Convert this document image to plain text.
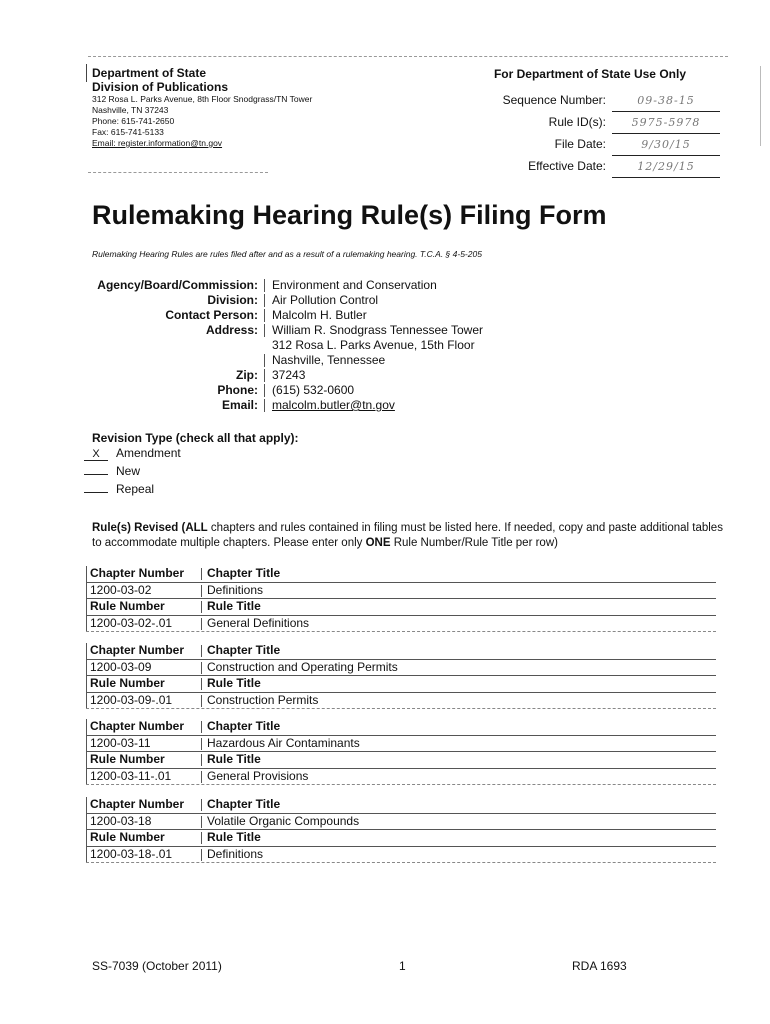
Department of State
Division of Publications
312 Rosa L. Parks Avenue, 8th Floor Snodgrass/TN Tower
Nashville, TN 37243
Phone: 615-741-2650
Fax: 615-741-5133
Email: register.information@tn.gov
For Department of State Use Only
Sequence Number:	09-38-15
Rule ID(s):	5975-5978
File Date:	9/30/15
Effective Date:	12/29/15
Rulemaking Hearing Rule(s) Filing Form
Rulemaking Hearing Rules are rules filed after and as a result of a rulemaking hearing. T.C.A. § 4-5-205
Agency/Board/Commission: Environment and Conservation
Division: Air Pollution Control
Contact Person: Malcolm H. Butler
Address: William R. Snodgrass Tennessee Tower
312 Rosa L. Parks Avenue, 15th Floor
Nashville, Tennessee
Zip: 37243
Phone: (615) 532-0600
Email: malcolm.butler@tn.gov
Revision Type (check all that apply):
X	Amendment
New
Repeal
Rule(s) Revised (ALL chapters and rules contained in filing must be listed here. If needed, copy and paste additional tables to accommodate multiple chapters. Please enter only ONE Rule Number/Rule Title per row)
Chapter Number	Chapter Title
1200-03-02	Definitions
Rule Number	Rule Title
1200-03-02-.01	General Definitions
Chapter Number	Chapter Title
1200-03-09	Construction and Operating Permits
Rule Number	Rule Title
1200-03-09-.01	Construction Permits
Chapter Number	Chapter Title
1200-03-11	Hazardous Air Contaminants
Rule Number	Rule Title
1200-03-11-.01	General Provisions
Chapter Number	Chapter Title
1200-03-18	Volatile Organic Compounds
Rule Number	Rule Title
1200-03-18-.01	Definitions
SS-7039 (October 2011)	1	RDA 1693
